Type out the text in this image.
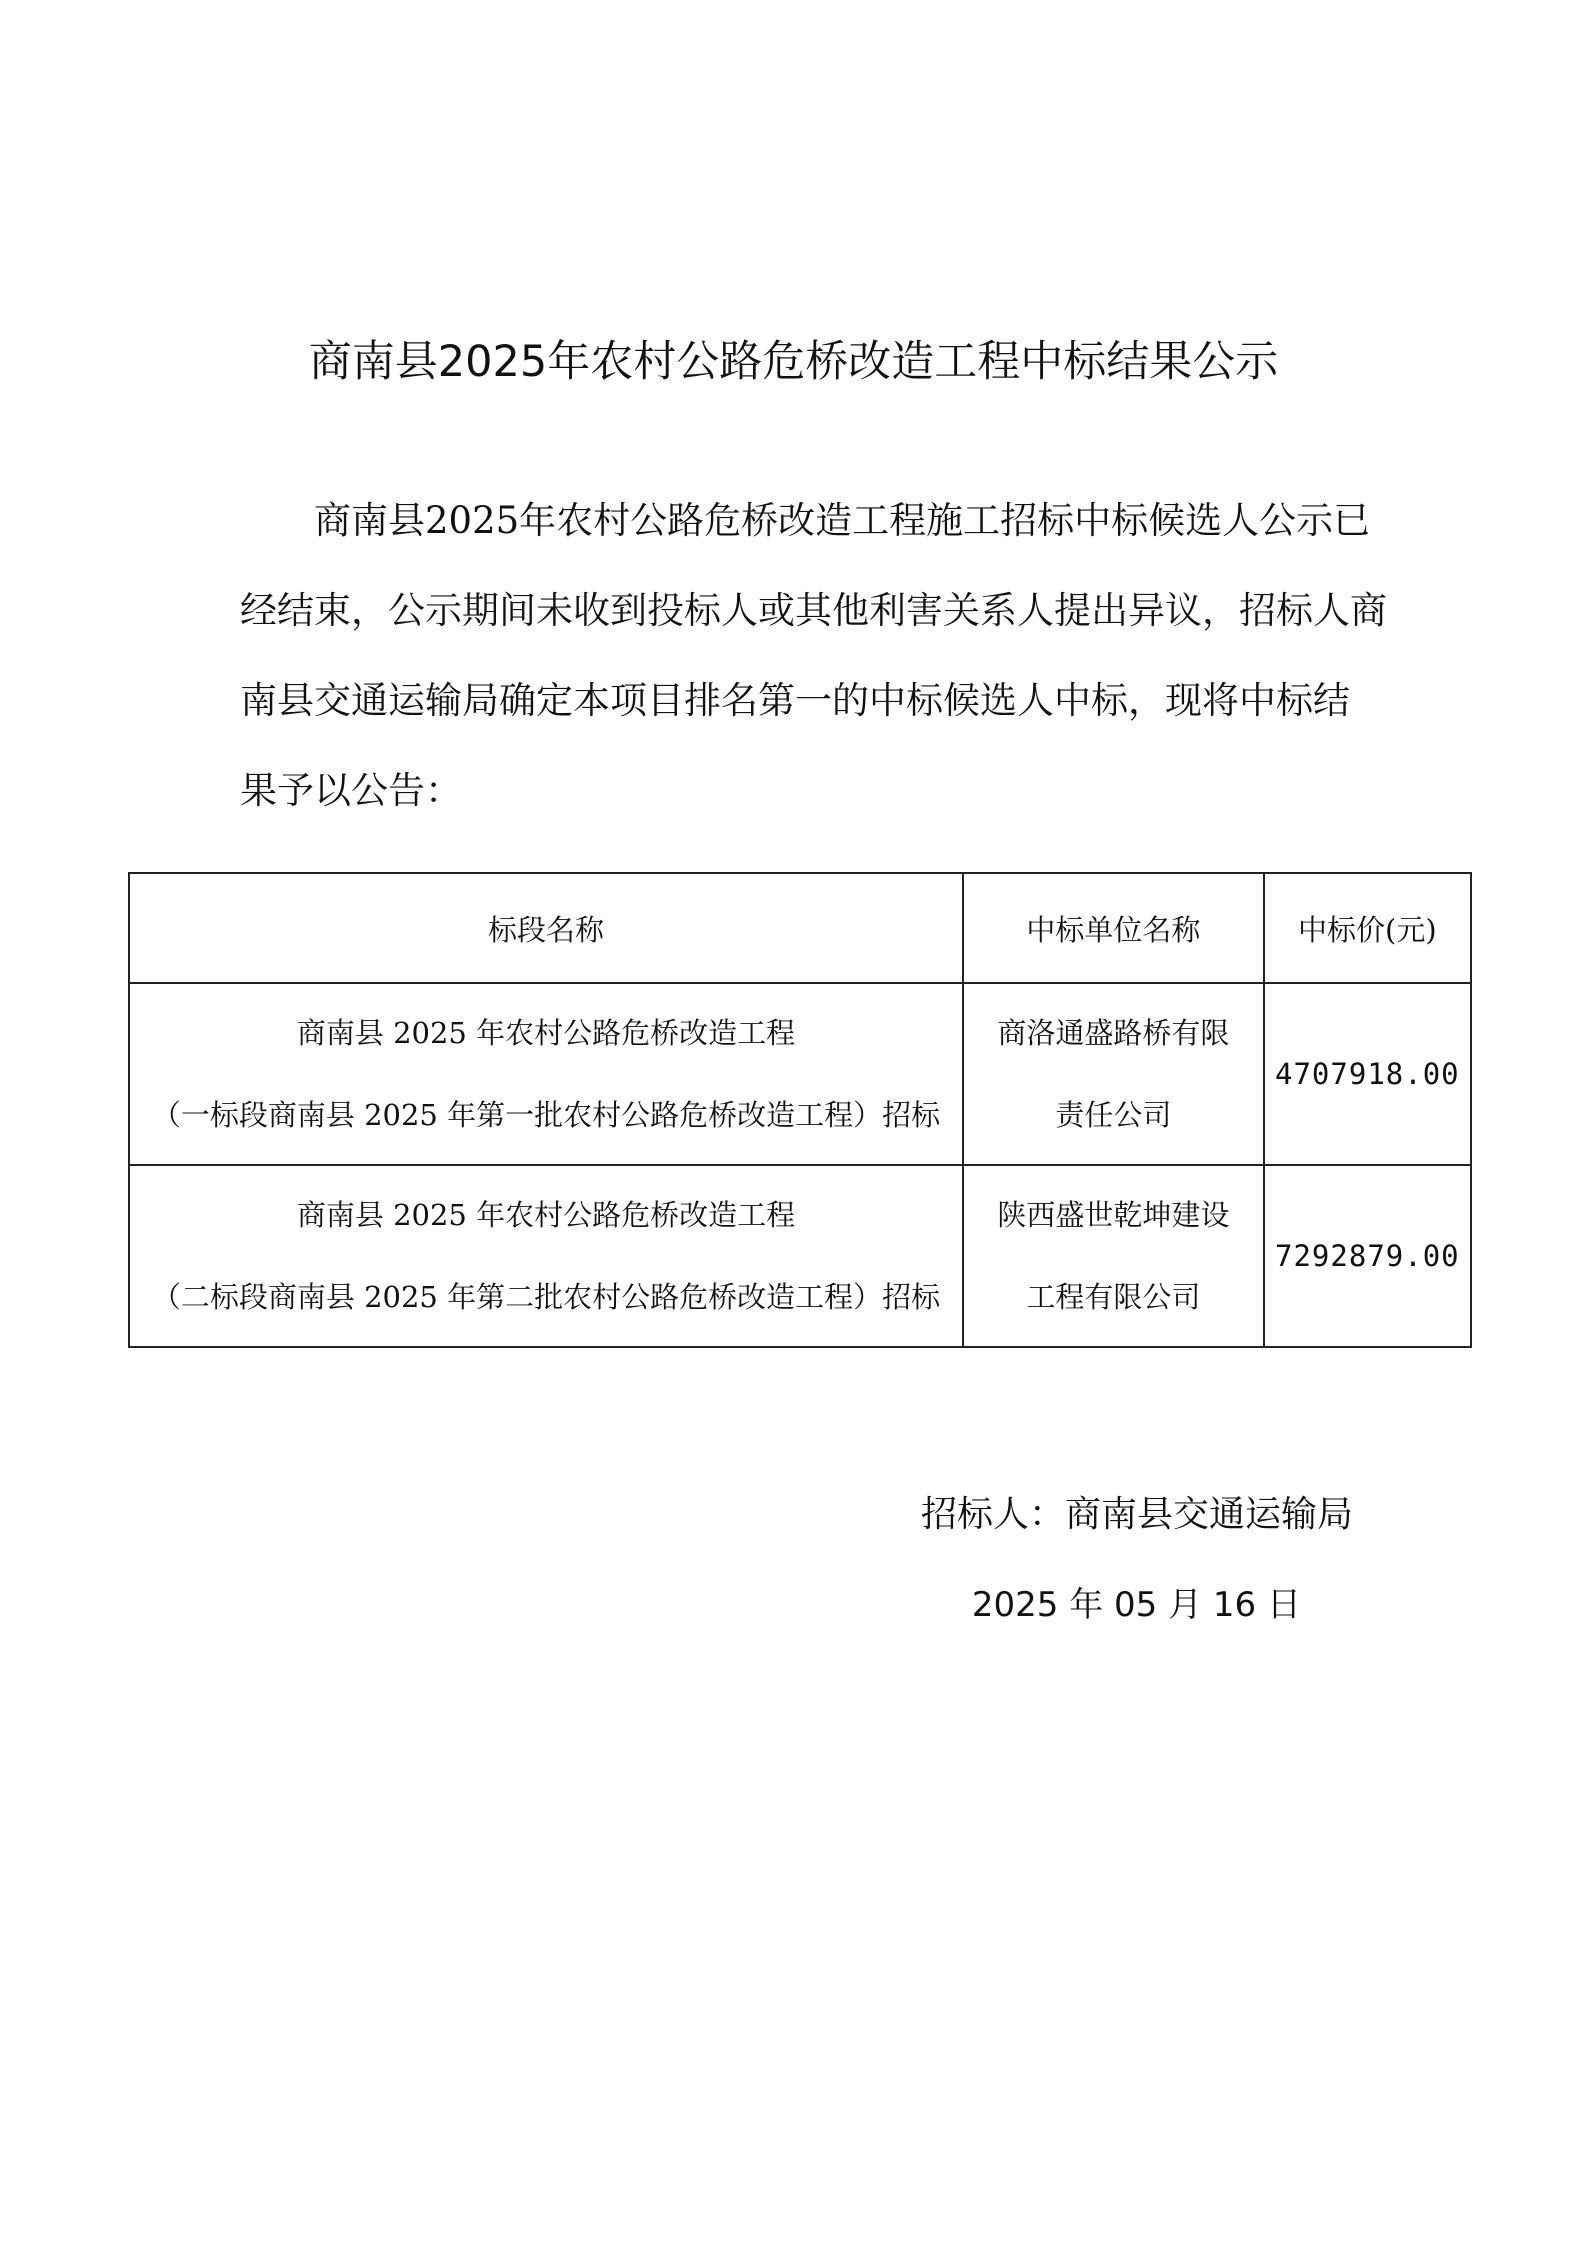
商南县2025年农村公路危桥改造工程中标结果公示
商南县2025年农村公路危桥改造工程施工招标中标候选人公示已
经结束，公示期间未收到投标人或其他利害关系人提出异议，招标人商
南县交通运输局确定本项目排名第一的中标候选人中标，现将中标结
果予以公告：
标段名称	中标单位名称	中标价(元)

商南县 2025 年农村公路危桥改造工程
（一标段商南县 2025 年第一批农村公路危桥改造工程）招标	商洛通盛路桥有限
责任公司	4707918.00

商南县 2025 年农村公路危桥改造工程
（二标段商南县 2025 年第二批农村公路危桥改造工程）招标	陕西盛世乾坤建设
工程有限公司	7292879.00
招标人：商南县交通运输局
2025 年 05 月 16 日
